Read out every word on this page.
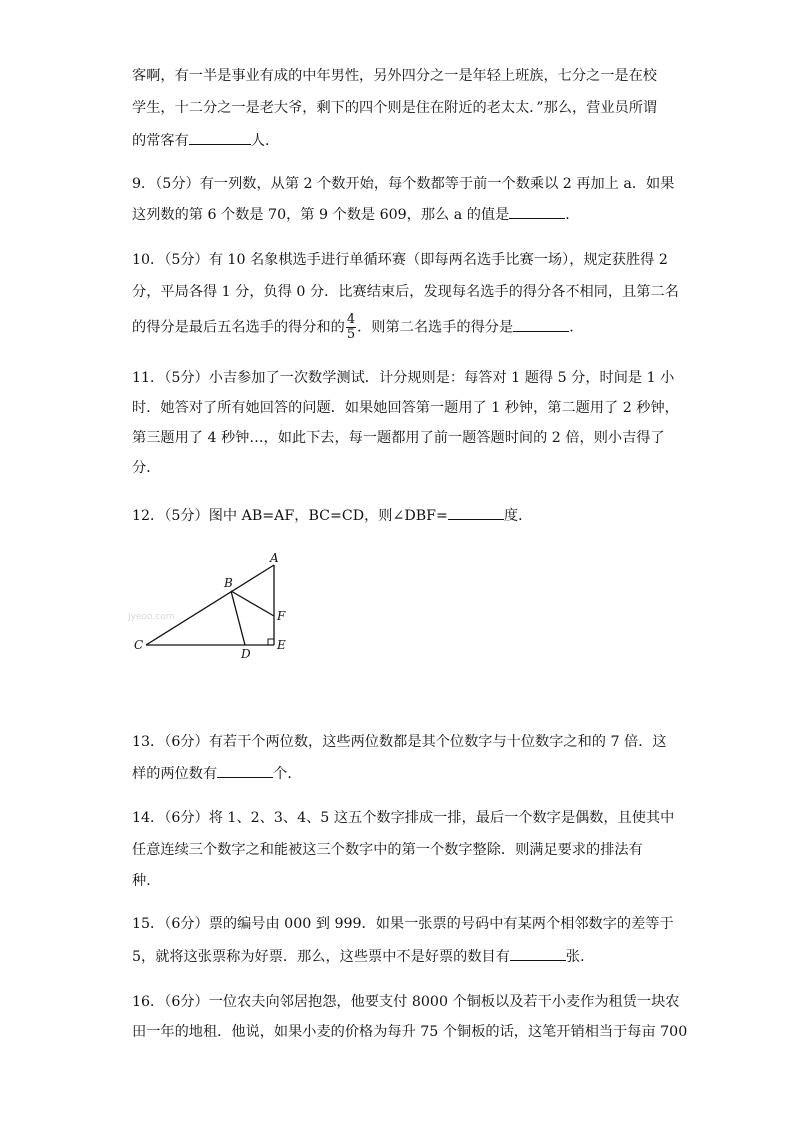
客啊，有一半是事业有成的中年男性，另外四分之一是年轻上班族，七分之一是在校
学生，十二分之一是老大爷，剩下的四个则是住在附近的老太太．”那么，营业员所谓
的常客有	人．
9．（5分）有一列数，从第 2 个数开始，每个数都等于前一个数乘以 2 再加上 a．如果
这列数的第 6 个数是 70，第 9 个数是 609，那么 a 的值是	．
10．（5分）有 10 名象棋选手进行单循环赛（即每两名选手比赛一场），规定获胜得 2
分，平局各得 1 分，负得 0 分．比赛结束后，发现每名选手的得分各不相同，且第二名
的得分是最后五名选手的得分和的 $\frac{4}{5}$ ．则第二名选手的得分是	．
11．（5分）小吉参加了一次数学测试．计分规则是：每答对 1 题得 5 分，时间是 1 小
时．她答对了所有她回答的问题．如果她回答第一题用了 1 秒钟，第二题用了 2 秒钟，
第三题用了 4 秒钟…，如此下去，每一题都用了前一题答题时间的 2 倍，则小吉得了
分．
12．（5分）图中 AB=AF，BC=CD，则∠DBF=	度．
Jyeoo.com
A
B
C
D
E
F
13．（6分）有若干个两位数，这些两位数都是其个位数字与十位数字之和的 7 倍．这
样的两位数有	个．
14．（6分）将 1、2、3、4、5 这五个数字排成一排，最后一个数字是偶数，且使其中
任意连续三个数字之和能被这三个数字中的第一个数字整除．则满足要求的排法有
种．
15．（6分）票的编号由 000 到 999．如果一张票的号码中有某两个相邻数字的差等于
5，就将这张票称为好票．那么，这些票中不是好票的数目有	张．
16．（6分）一位农夫向邻居抱怨，他要支付 8000 个铜板以及若干小麦作为租赁一块农
田一年的地租．他说，如果小麦的价格为每升 75 个铜板的话，这笔开销相当于每亩 700
